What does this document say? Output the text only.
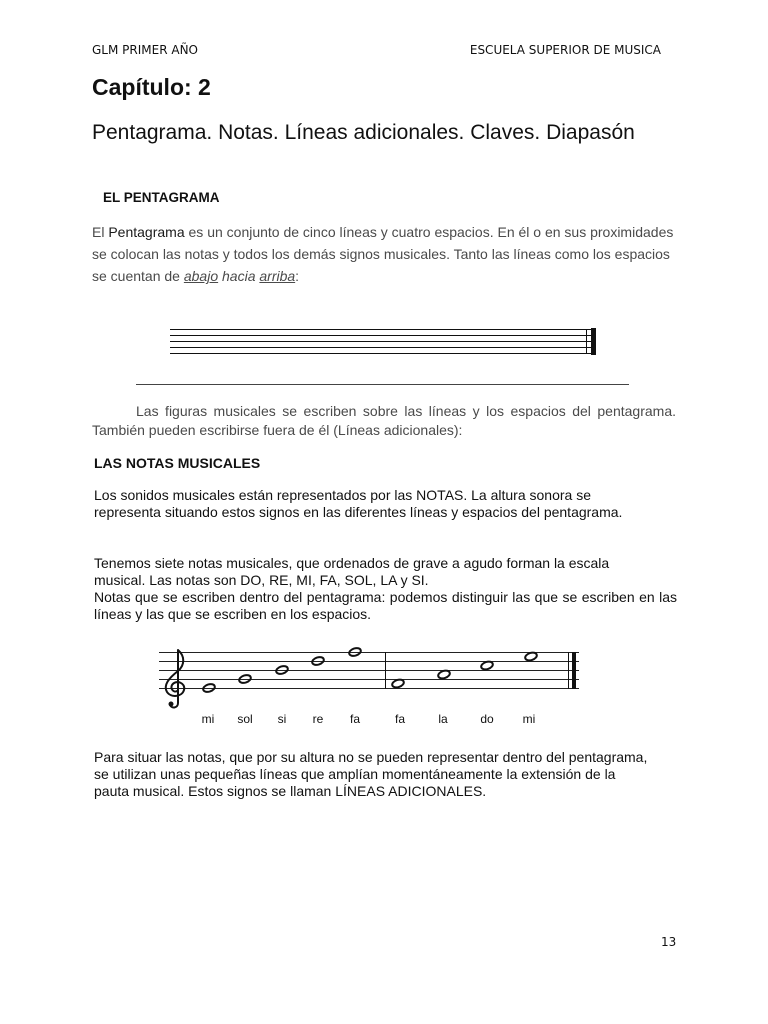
GLM PRIMER AÑO	ESCUELA SUPERIOR DE MUSICA
Capítulo: 2
Pentagrama. Notas. Líneas adicionales. Claves. Diapasón
EL PENTAGRAMA
El Pentagrama es un conjunto de cinco líneas y cuatro espacios. En él o en sus proximidades se colocan las notas y todos los demás signos musicales. Tanto las líneas como los espacios se cuentan de abajo hacia arriba:
Las figuras musicales se escriben sobre las líneas y los espacios del pentagrama. También pueden escribirse fuera de él (Líneas adicionales):
LAS NOTAS MUSICALES
Los sonidos musicales están representados por las NOTAS. La altura sonora se representa situando estos signos en las diferentes líneas y espacios del pentagrama.
Tenemos siete notas musicales, que ordenados de grave a agudo forman la escala musical. Las notas son DO, RE, MI, FA, SOL, LA y SI.
Notas que se escriben dentro del pentagrama: podemos distinguir las que se escriben en las líneas y las que se escriben en los espacios.
mi sol si re fa	fa	la	do mi
Para situar las notas, que por su altura no se pueden representar dentro del pentagrama, se utilizan unas pequeñas líneas que amplían momentáneamente la extensión de la pauta musical. Estos signos se llaman LÍNEAS ADICIONALES.
13
